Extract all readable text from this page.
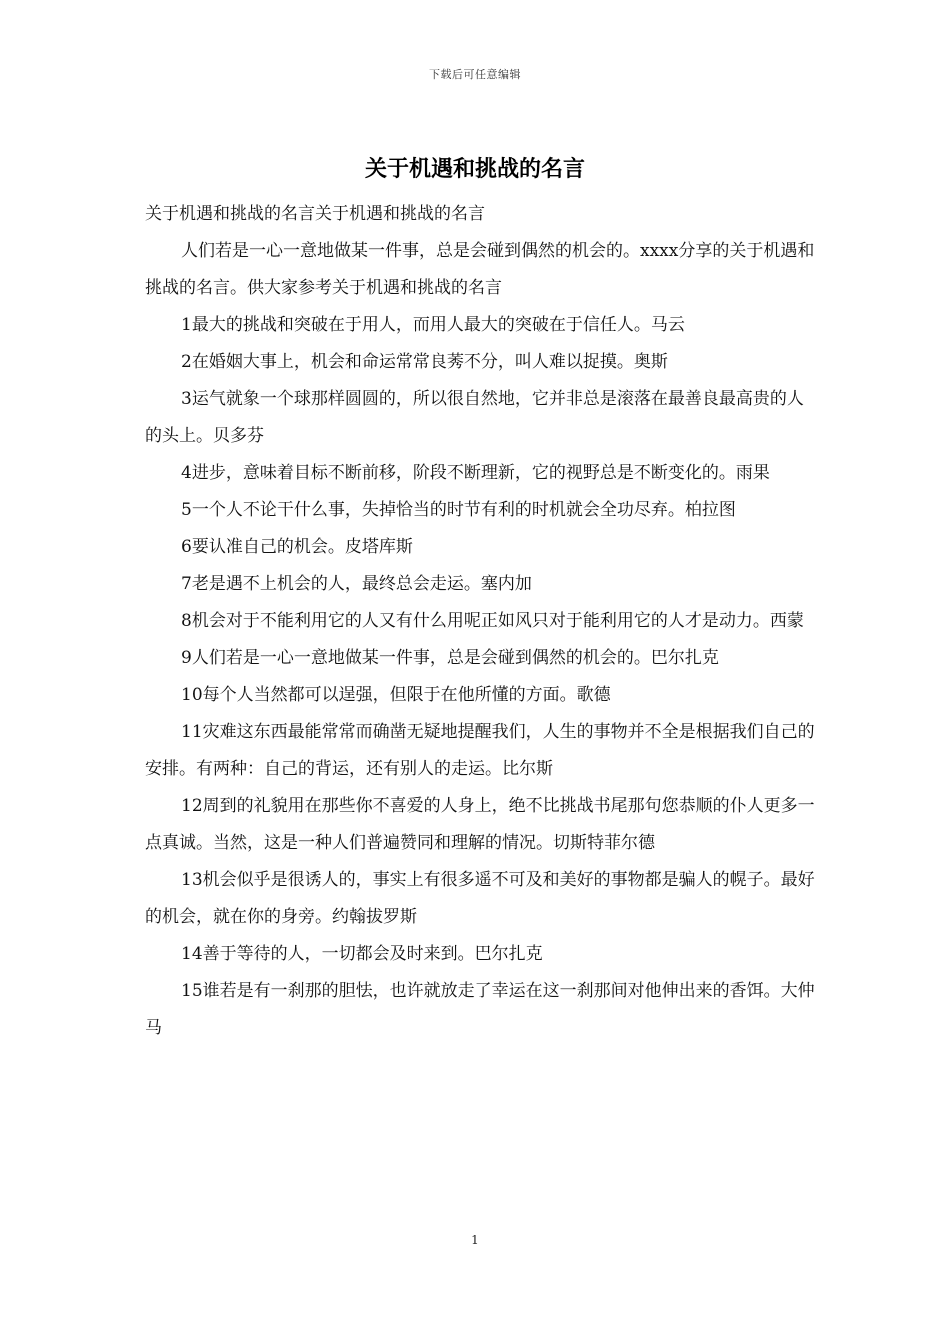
下载后可任意编辑
关于机遇和挑战的名言

关于机遇和挑战的名言关于机遇和挑战的名言

人们若是一心一意地做某一件事，总是会碰到偶然的机会的。xxxx分享的关于机遇和挑战的名言。供大家参考关于机遇和挑战的名言

1最大的挑战和突破在于用人，而用人最大的突破在于信任人。马云

2在婚姻大事上，机会和命运常常良莠不分，叫人难以捉摸。奥斯

3运气就象一个球那样圆圆的，所以很自然地，它并非总是滚落在最善良最高贵的人的头上。贝多芬

4进步，意味着目标不断前移，阶段不断理新，它的视野总是不断变化的。雨果

5一个人不论干什么事，失掉恰当的时节有利的时机就会全功尽弃。柏拉图

6要认准自己的机会。皮塔库斯

7老是遇不上机会的人，最终总会走运。塞内加

8机会对于不能利用它的人又有什么用呢正如风只对于能利用它的人才是动力。西蒙

9人们若是一心一意地做某一件事，总是会碰到偶然的机会的。巴尔扎克

10每个人当然都可以逞强，但限于在他所懂的方面。歌德

11灾难这东西最能常常而确凿无疑地提醒我们，人生的事物并不全是根据我们自己的安排。有两种：自己的背运，还有别人的走运。比尔斯

12周到的礼貌用在那些你不喜爱的人身上，绝不比挑战书尾那句您恭顺的仆人更多一点真诚。当然，这是一种人们普遍赞同和理解的情况。切斯特菲尔德

13机会似乎是很诱人的，事实上有很多遥不可及和美好的事物都是骗人的幌子。最好的机会，就在你的身旁。约翰拔罗斯

14善于等待的人，一切都会及时来到。巴尔扎克

15谁若是有一刹那的胆怯，也许就放走了幸运在这一刹那间对他伸出来的香饵。大仲马

1
